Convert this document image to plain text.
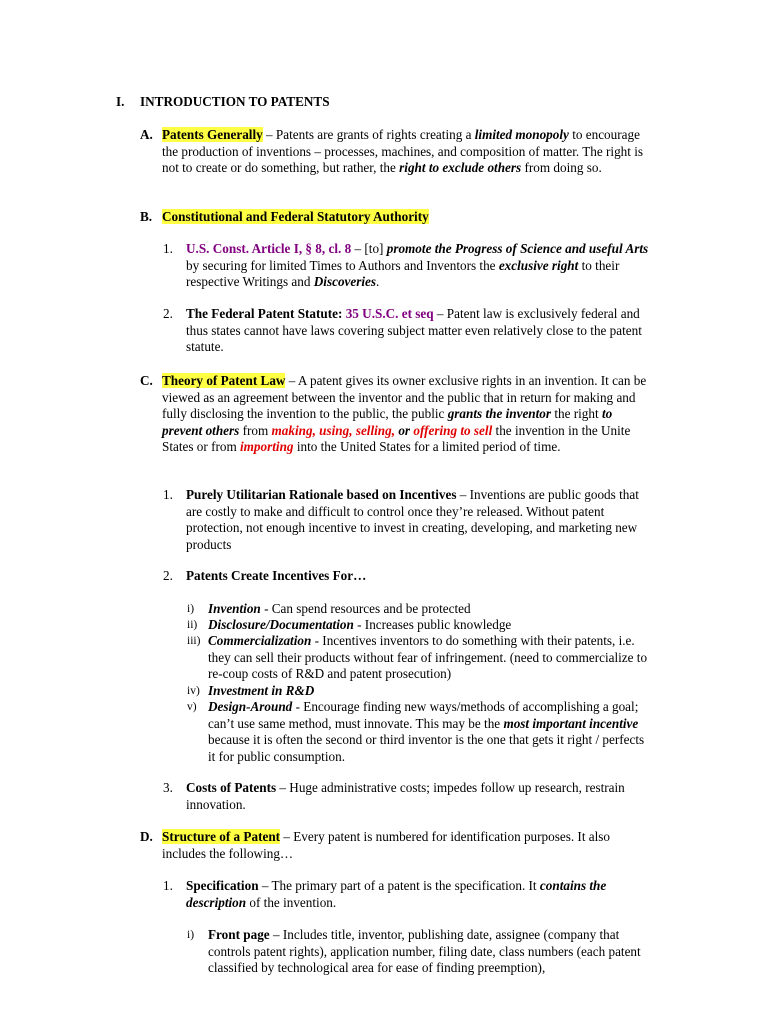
I. INTRODUCTION TO PATENTS
A. Patents Generally – Patents are grants of rights creating a limited monopoly to encourage the production of inventions – processes, machines, and composition of matter. The right is not to create or do something, but rather, the right to exclude others from doing so.
B. Constitutional and Federal Statutory Authority
1. U.S. Const. Article I, § 8, cl. 8 – [to] promote the Progress of Science and useful Arts by securing for limited Times to Authors and Inventors the exclusive right to their respective Writings and Discoveries.
2. The Federal Patent Statute: 35 U.S.C. et seq – Patent law is exclusively federal and thus states cannot have laws covering subject matter even relatively close to the patent statute.
C. Theory of Patent Law – A patent gives its owner exclusive rights in an invention. It can be viewed as an agreement between the inventor and the public that in return for making and fully disclosing the invention to the public, the public grants the inventor the right to prevent others from making, using, selling, or offering to sell the invention in the Unite States or from importing into the United States for a limited period of time.
1. Purely Utilitarian Rationale based on Incentives – Inventions are public goods that are costly to make and difficult to control once they’re released. Without patent protection, not enough incentive to invest in creating, developing, and marketing new products
2. Patents Create Incentives For…
i) Invention - Can spend resources and be protected
ii) Disclosure/Documentation - Increases public knowledge
iii) Commercialization - Incentives inventors to do something with their patents, i.e. they can sell their products without fear of infringement. (need to commercialize to re-coup costs of R&D and patent prosecution)
iv) Investment in R&D
v) Design-Around - Encourage finding new ways/methods of accomplishing a goal; can’t use same method, must innovate. This may be the most important incentive because it is often the second or third inventor is the one that gets it right / perfects it for public consumption.
3. Costs of Patents – Huge administrative costs; impedes follow up research, restrain innovation.
D. Structure of a Patent – Every patent is numbered for identification purposes. It also includes the following…
1. Specification – The primary part of a patent is the specification. It contains the description of the invention.
i) Front page – Includes title, inventor, publishing date, assignee (company that controls patent rights), application number, filing date, class numbers (each patent classified by technological area for ease of finding preemption),
